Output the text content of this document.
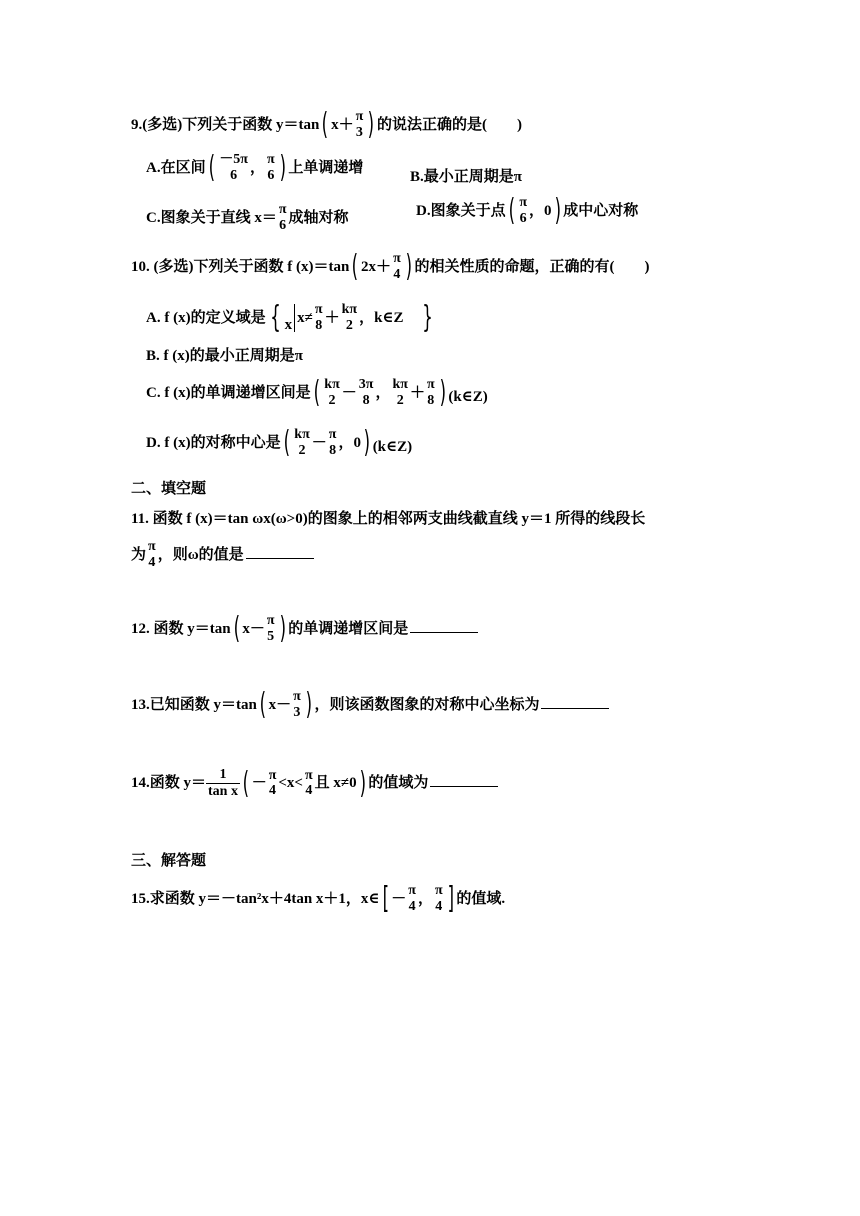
9.(多选)下列关于函数 y＝tan( x＋
π
3 ) 的说法正确的是(　　)
A.在区间( －5π
6 ，
π
6 ) 上单调递增
B.最小正周期是π
C.图象关于直线 x＝
π
6 成轴对称	D.图象关于点( π
6 ，0) 成中心对称
10. (多选)下列关于函数 f (x)＝tan( 2x＋
π
4 ) 的相关性质的命题，正确的有(　　)
A. f (x)的定义域是 { x x≠
π
8 ＋
kπ
2 ，k∈Z }
B. f (x)的最小正周期是π
C. f (x)的单调递增区间是( kπ
2 －
3π
8 ，
kπ
2 ＋
π
8 ) (k∈Z)
D. f (x)的对称中心是( kπ
2 －
π
8 ，0) (k∈Z)
二、填空题
11. 函数 f (x)＝tan ωx(ω>0)的图象上的相邻两支曲线截直线 y＝1 所得的线段长
为
π
4 ，则ω的值是
12. 函数 y＝tan( x－
π
5 ) 的单调递增区间是
13.已知函数 y＝tan( x－
π
3 ) ，则该函数图象的对称中心坐标为
14.函数 $y= \frac{1}{\text{tan x}}$ ( －
π
4 <x<
π
4 且 x≠0) 的值域为
三、解答题
15.求函数 y＝－tan²x＋4tan x＋1，x∈[ －
π
4 ，
π
4 ] 的值域.
